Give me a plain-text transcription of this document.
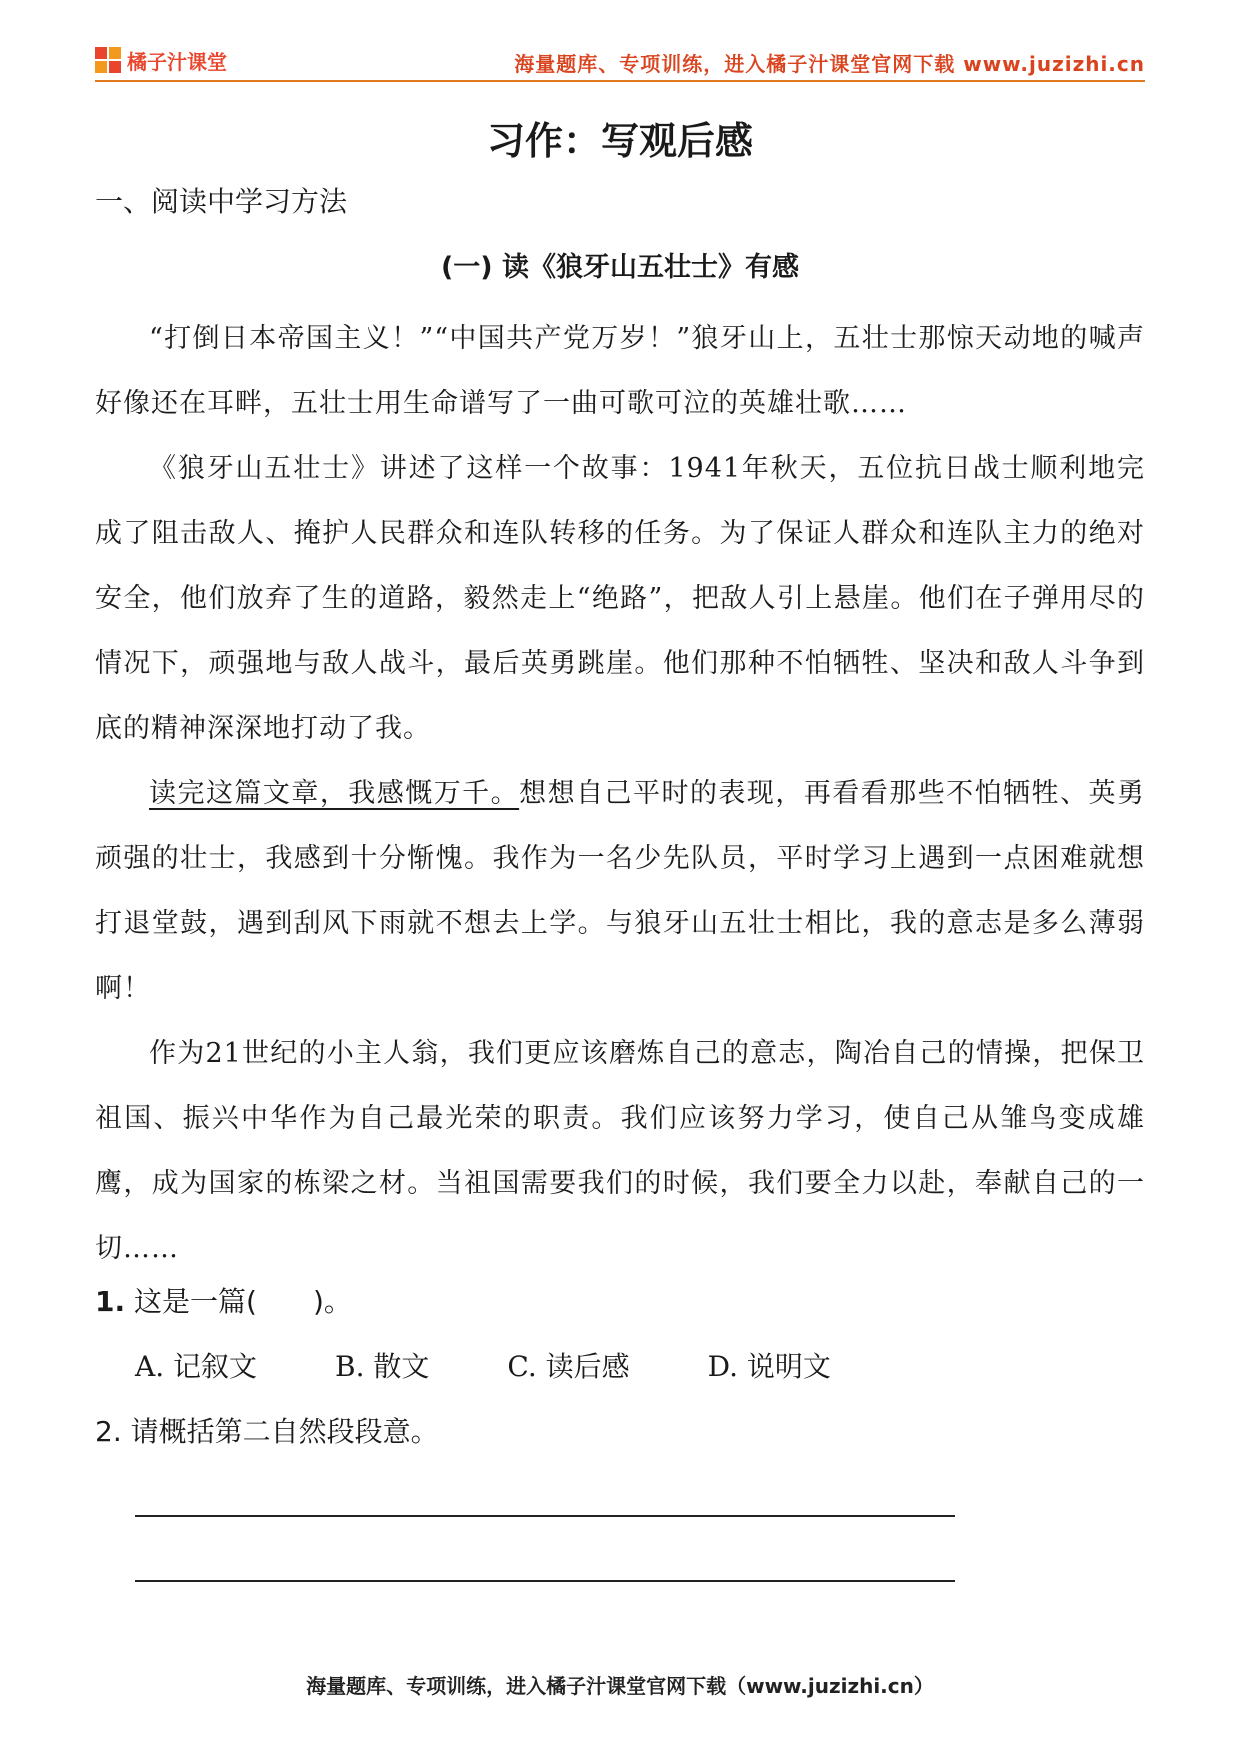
橘子汁课堂	海量题库、专项训练，进入橘子汁课堂官网下载 www.juzizhi.cn
习作：写观后感
一、阅读中学习方法
(一) 读《狼牙山五壮士》有感

“打倒日本帝国主义！”“中国共产党万岁！”狼牙山上，五壮士那惊天动地的喊声好像还在耳畔，五壮士用生命谱写了一曲可歌可泣的英雄壮歌……

《狼牙山五壮士》讲述了这样一个故事：1941年秋天，五位抗日战士顺利地完成了阻击敌人、掩护人民群众和连队转移的任务。为了保证人群众和连队主力的绝对安全，他们放弃了生的道路，毅然走上“绝路”，把敌人引上悬崖。他们在子弹用尽的情况下，顽强地与敌人战斗，最后英勇跳崖。他们那种不怕牺牲、坚决和敌人斗争到底的精神深深地打动了我。

读完这篇文章，我感慨万千。想想自己平时的表现，再看看那些不怕牺牲、英勇顽强的壮士，我感到十分惭愧。我作为一名少先队员，平时学习上遇到一点困难就想打退堂鼓，遇到刮风下雨就不想去上学。与狼牙山五壮士相比，我的意志是多么薄弱啊！

作为21世纪的小主人翁，我们更应该磨炼自己的意志，陶冶自己的情操，把保卫祖国、振兴中华作为自己最光荣的职责。我们应该努力学习，使自己从雏鸟变成雄鹰，成为国家的栋梁之材。当祖国需要我们的时候，我们要全力以赴，奉献自己的一切……

1. 这是一篇(　　)。
A. 记叙文	B. 散文	C. 读后感	D. 说明文
2. 请概括第二自然段段意。
海量题库、专项训练，进入橘子汁课堂官网下载（www.juzizhi.cn）
